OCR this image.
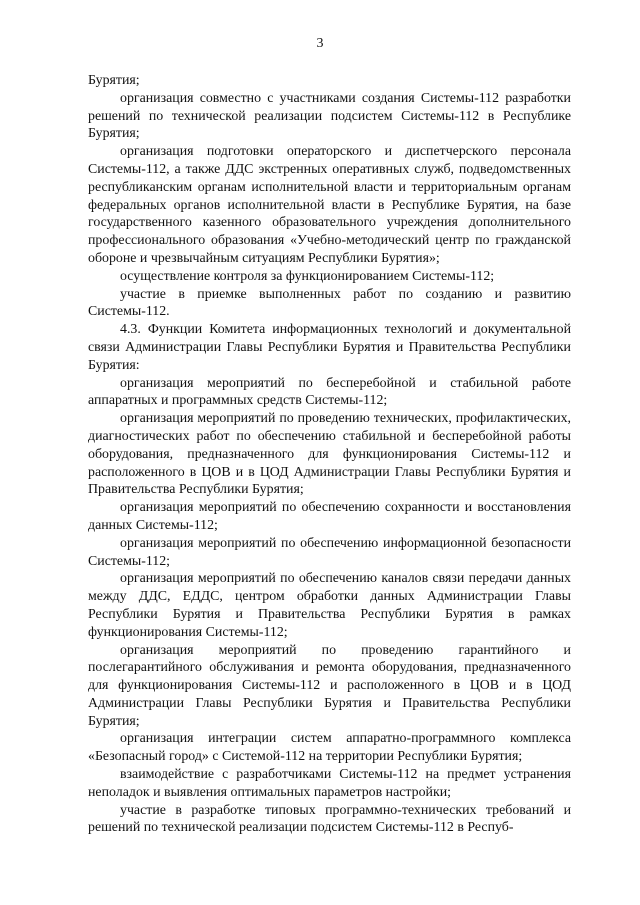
3

Бурятия;

организация совместно с участниками создания Системы-112 разработки решений по технической реализации подсистем Системы-112 в Республике Бурятия;

организация подготовки операторского и диспетчерского персонала Системы-112, а также ДДС экстренных оперативных служб, подведомственных республиканским органам исполнительной власти и территориальным органам федеральных органов исполнительной власти в Республике Бурятия, на базе государственного казенного образовательного учреждения дополнительного профессионального образования «Учебно-методический центр по гражданской обороне и чрезвычайным ситуациям Республики Бурятия»;

осуществление контроля за функционированием Системы-112;

участие в приемке выполненных работ по созданию и развитию Системы-112.

4.3. Функции Комитета информационных технологий и документальной связи Администрации Главы Республики Бурятия и Правительства Республики Бурятия:

организация мероприятий по бесперебойной и стабильной работе аппаратных и программных средств Системы-112;

организация мероприятий по проведению технических, профилактических, диагностических работ по обеспечению стабильной и бесперебойной работы оборудования, предназначенного для функционирования Системы-112 и расположенного в ЦОВ и в ЦОД Администрации Главы Республики Бурятия и Правительства Республики Бурятия;

организация мероприятий по обеспечению сохранности и восстановления данных Системы-112;

организация мероприятий по обеспечению информационной безопасности Системы-112;

организация мероприятий по обеспечению каналов связи передачи данных между ДДС, ЕДДС, центром обработки данных Администрации Главы Республики Бурятия и Правительства Республики Бурятия в рамках функционирования Системы-112;

организация мероприятий по проведению гарантийного и послегарантийного обслуживания и ремонта оборудования, предназначенного для функционирования Системы-112 и расположенного в ЦОВ и в ЦОД Администрации Главы Республики Бурятия и Правительства Республики Бурятия;

организация интеграции систем аппаратно-программного комплекса «Безопасный город» с Системой-112 на территории Республики Бурятия;

взаимодействие с разработчиками Системы-112 на предмет устранения неполадок и выявления оптимальных параметров настройки;

участие в разработке типовых программно-технических требований и решений по технической реализации подсистем Системы-112 в Респуб-
